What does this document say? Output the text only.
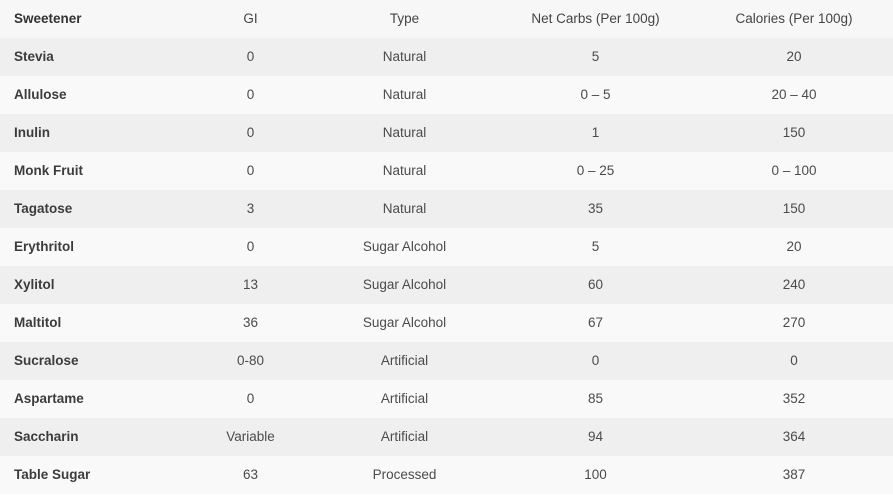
Sweetener	GI	Type	Net Carbs (Per 100g)	Calories (Per 100g)
Stevia	0	Natural	5	20
Allulose	0	Natural	0 – 5	20 – 40
Inulin	0	Natural	1	150
Monk Fruit	0	Natural	0 – 25	0 – 100
Tagatose	3	Natural	35	150
Erythritol	0	Sugar Alcohol	5	20
Xylitol	13	Sugar Alcohol	60	240
Maltitol	36	Sugar Alcohol	67	270
Sucralose	0-80	Artificial	0	0
Aspartame	0	Artificial	85	352
Saccharin	Variable	Artificial	94	364
Table Sugar	63	Processed	100	387
